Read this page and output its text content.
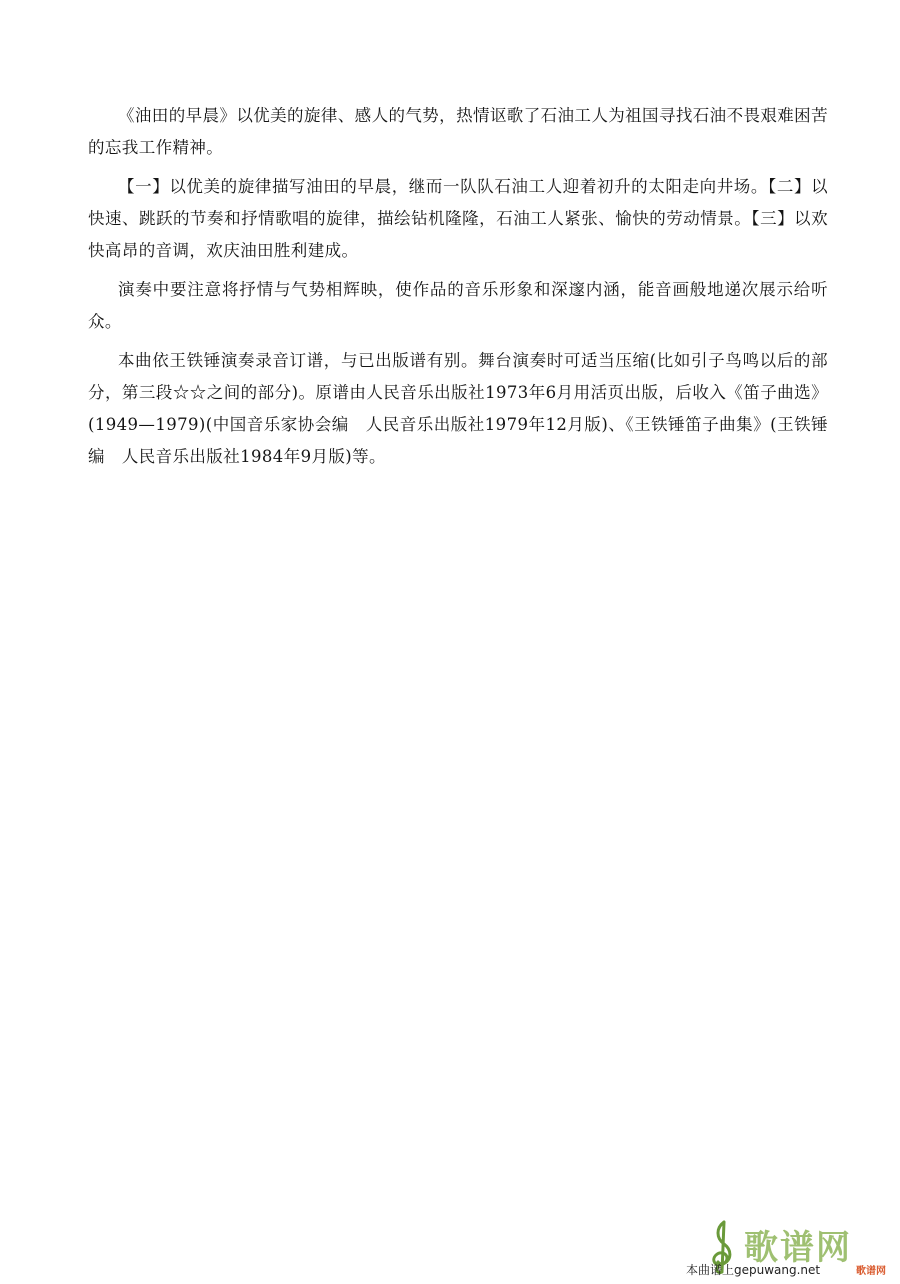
《油田的早晨》以优美的旋律、感人的气势，热情讴歌了石油工人为祖国寻找石油不畏艰难困苦的忘我工作精神。

【一】以优美的旋律描写油田的早晨，继而一队队石油工人迎着初升的太阳走向井场。【二】以快速、跳跃的节奏和抒情歌唱的旋律，描绘钻机隆隆，石油工人紧张、愉快的劳动情景。【三】以欢快高昂的音调，欢庆油田胜利建成。

演奏中要注意将抒情与气势相辉映，使作品的音乐形象和深邃内涵，能音画般地递次展示给听众。

本曲依王铁锤演奏录音订谱，与已出版谱有别。舞台演奏时可适当压缩(比如引子鸟鸣以后的部分，第三段☆☆之间的部分)。原谱由人民音乐出版社1973年6月用活页出版，后收入《笛子曲选》(1949—1979)(中国音乐家协会编　人民音乐出版社1979年12月版)、《王铁锤笛子曲集》(王铁锤编　人民音乐出版社1984年9月版)等。

歌谱网
本曲谱上gepuwang.net	歌谱网
